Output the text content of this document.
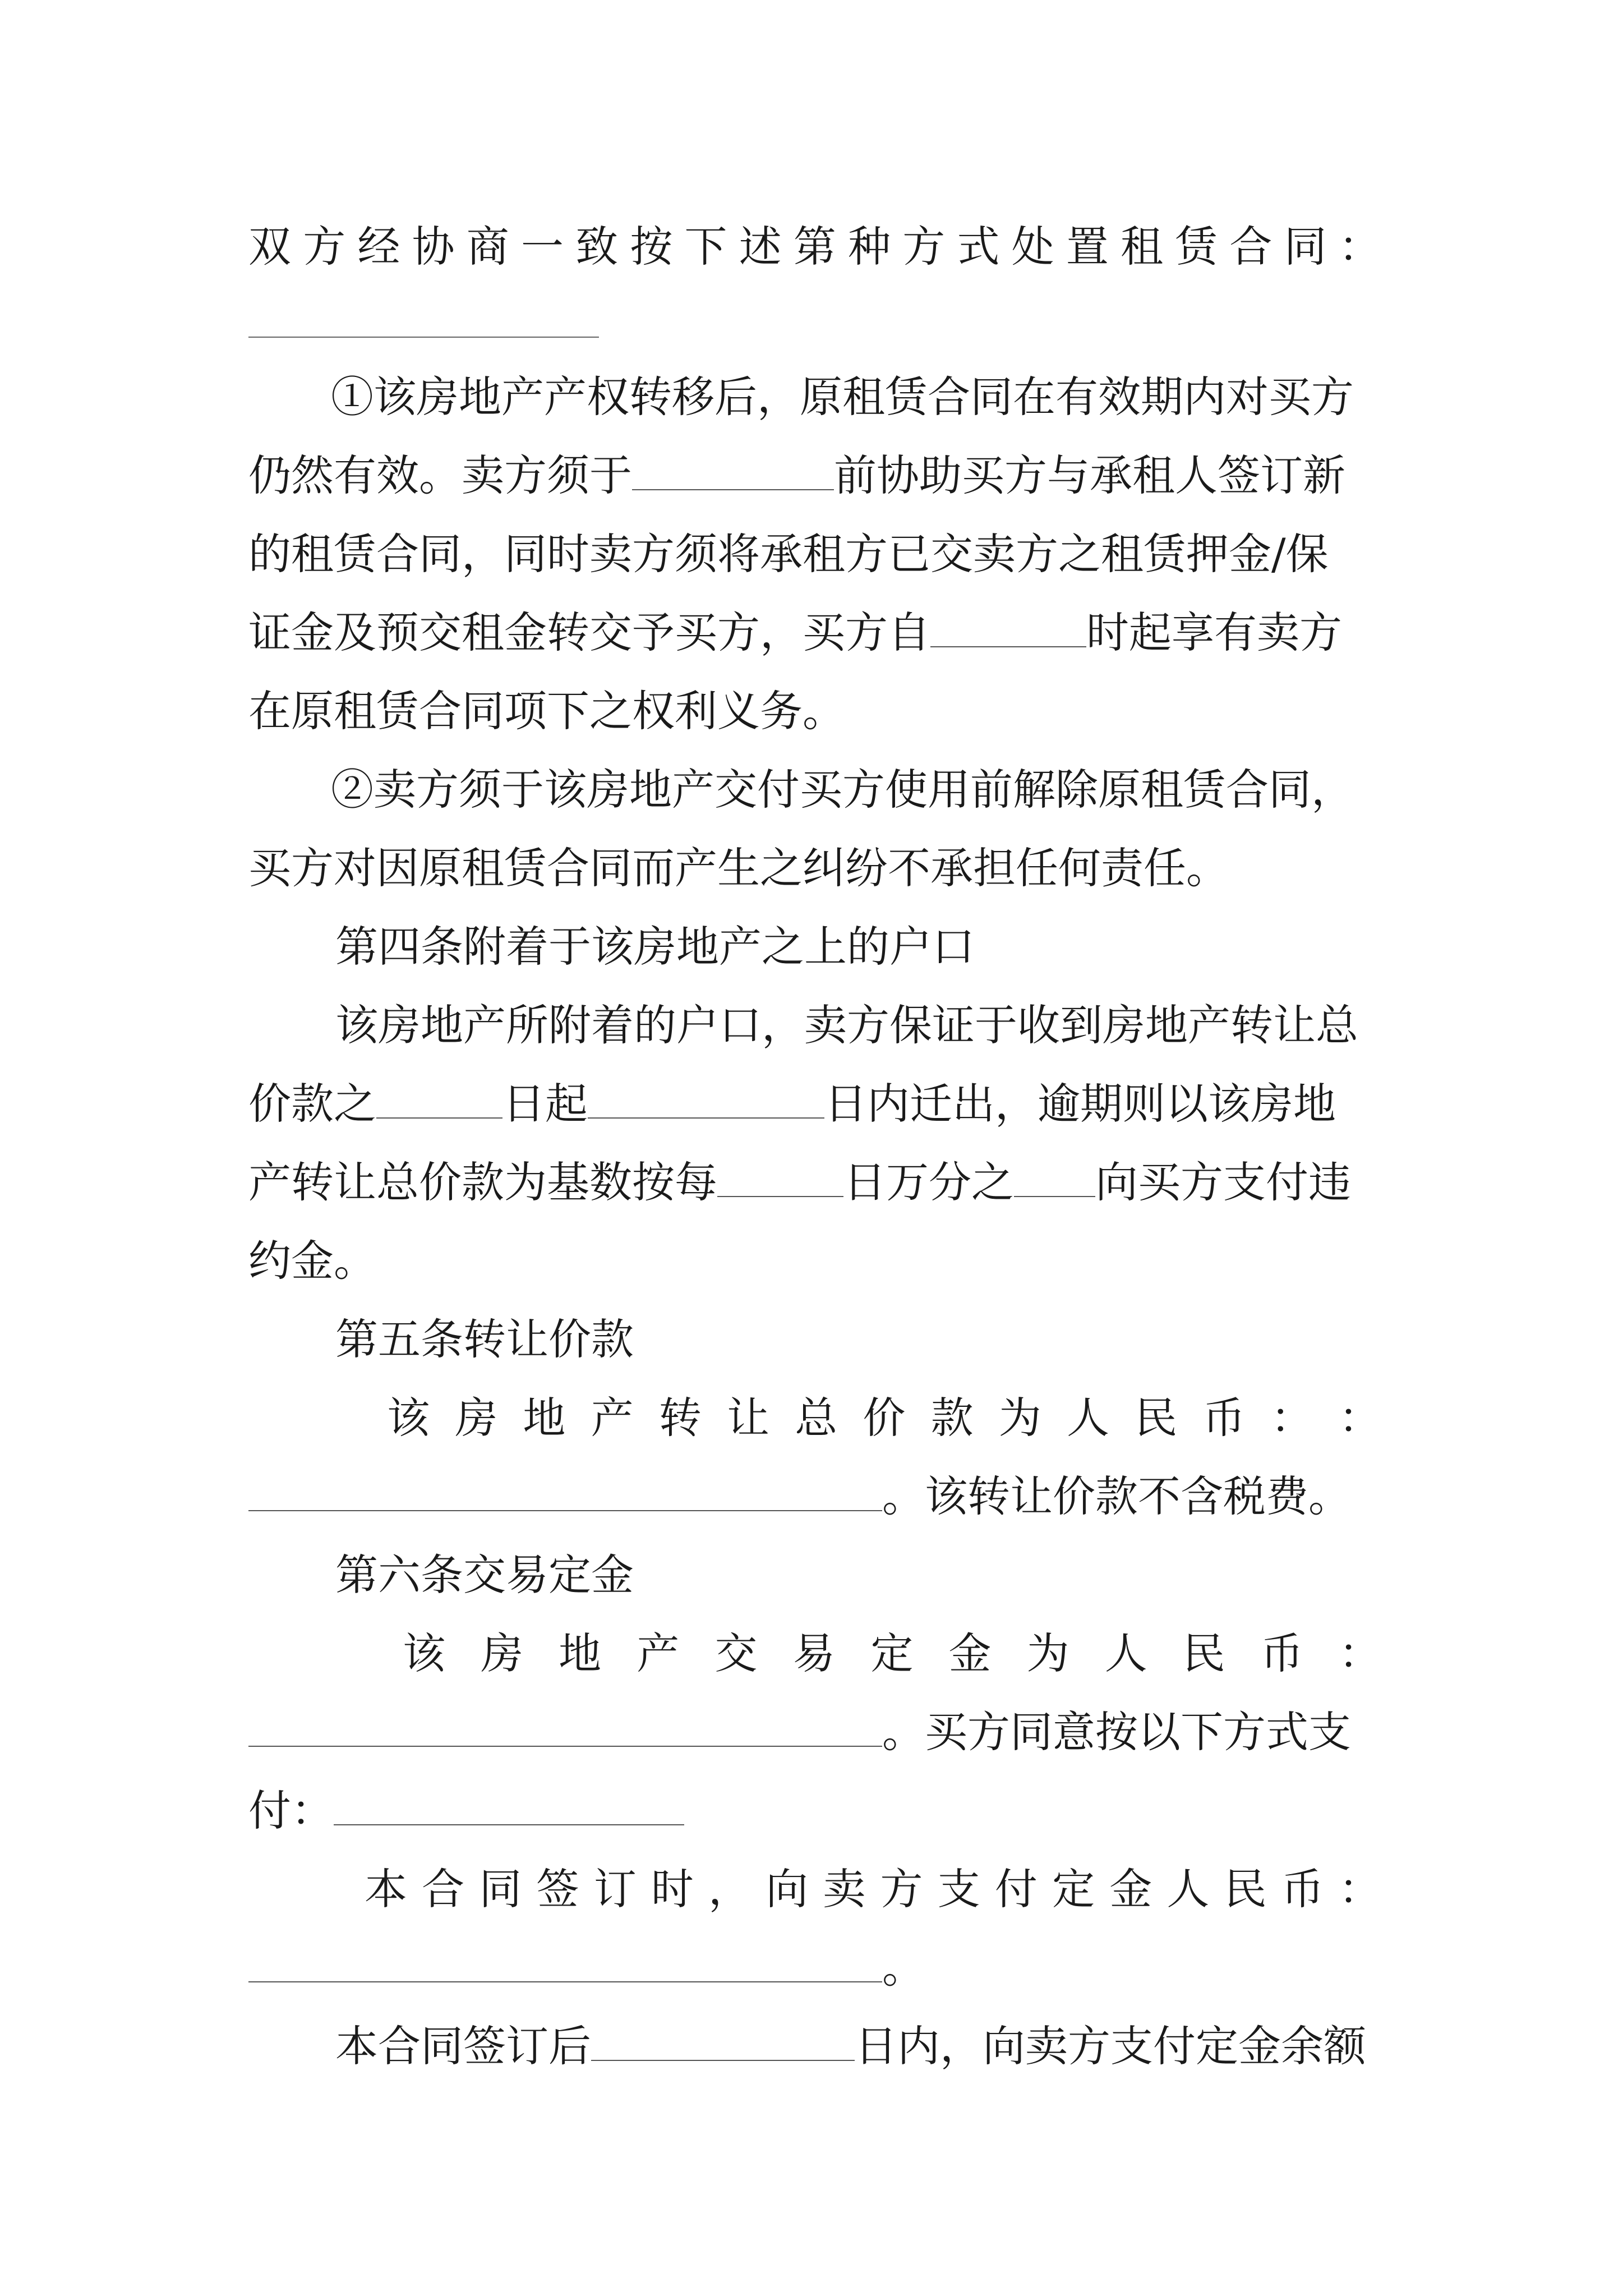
双 方 经 协 商 一 致 按 下 述 第 种 方 式 处 置 租 赁 合 同 ：
①该房地产产权转移后，原租赁合同在有效期内对买方
仍然有效。卖方须于	前协助买方与承租人签订新
的租赁合同，同时卖方须将承租方已交卖方之租赁押金/保
证金及预交租金转交予买方，买方自	时起享有卖方
在原租赁合同项下之权利义务。
②卖方须于该房地产交付买方使用前解除原租赁合同，
买方对因原租赁合同而产生之纠纷不承担任何责任。
第四条附着于该房地产之上的户口
该房地产所附着的户口，卖方保证于收到房地产转让总
价款之	日起	日内迁出，逾期则以该房地
产转让总价款为基数按每	日万分之 向买方支付违
约金。
第五条转让价款
该 房 地 产 转 让 总 价 款 为 人 民 币 ： ：
。该转让价款不含税费。
第六条交易定金
该 房 地 产 交 易 定 金 为 人 民 币 ：
。买方同意按以下方式支
付：
本 合 同 签 订 时 ， 向 卖 方 支 付 定 金 人 民 币 ：
。
本合同签订后	日内，向卖方支付定金余额
